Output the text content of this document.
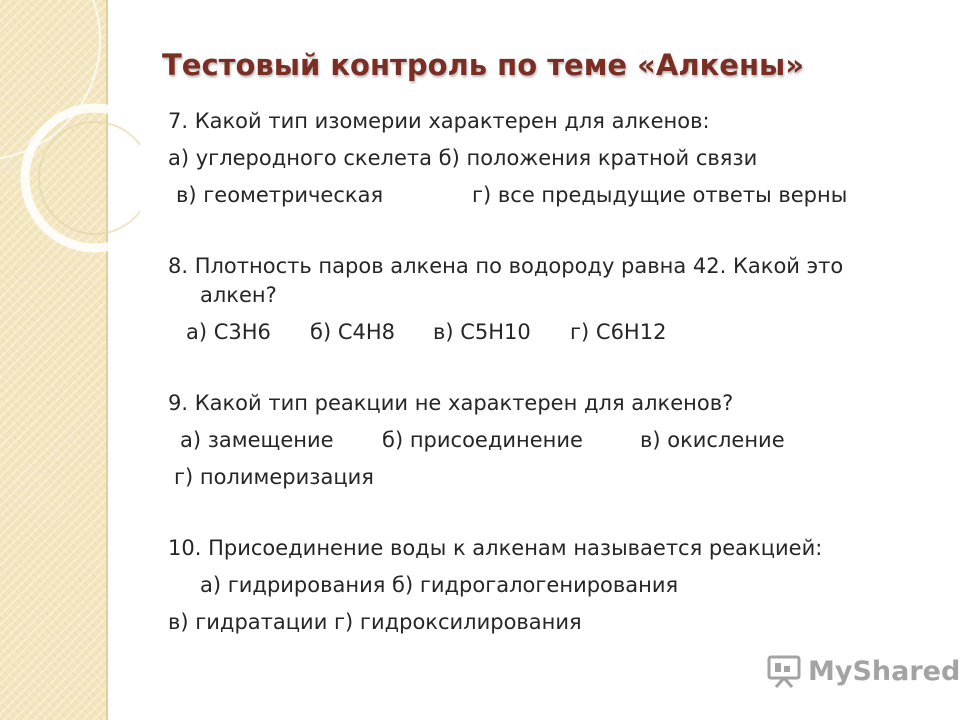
Тестовый контроль по теме «Алкены»

7. Какой тип изомерии характерен для алкенов:

а) углеродного скелета б) положения кратной связи

в) геометрическая	г) все предыдущие ответы верны

8. Плотность паров алкена по водороду равна 42. Какой это

алкен?

а) С3Н6 б) С4Н8 в) С5Н10 г) С6Н12

9. Какой тип реакции не характерен для алкенов?

а) замещение б) присоединение	в) окисление

г) полимеризация

10. Присоединение воды к алкенам называется реакцией:

а) гидрирования б) гидрогалогенирования

в) гидратации г) гидроксилирования

MyShared
